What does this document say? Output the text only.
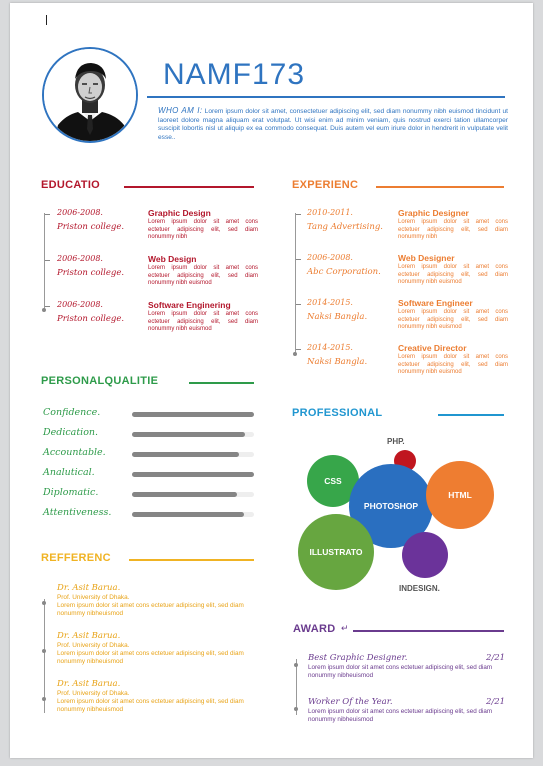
NAMF173
WHO AM I: Lorem ipsum dolor sit amet, consectetuer adipiscing elit, sed diam nonummy nibh euismod tincidunt ut laoreet dolore magna aliquam erat volutpat. Ut wisi enim ad minim veniam, quis nostrud exerci tation ullamcorper suscipit lobortis nisl ut aliquip ex ea commodo consequat. Duis autem vel eum iriure dolor in hendrerit in vulputate velit esse..
EDUCATIO
2006-2008.
Priston college.
Graphic Design
Lorem ipsum dolor sit amet cons ectetuer adipiscing elit, sed diam nonummy nibh
2006-2008.
Priston college.
Web Design
Lorem ipsum dolor sit amet cons ectetuer adipiscing elit, sed diam nonummy nibh euismod
2006-2008.
Priston college.
Software Enginering
Lorem ipsum dolor sit amet cons ectetuer adipiscing elit, sed diam nonummy nibh euismod
EXPERIENC
2010-2011.
Tang Advertising.
Graphic Designer
Lorem ipsum dolor sit amet cons ectetuer adipiscing elit, sed diam nonummy nibh
2006-2008.
Abc Corporation.
Web Designer
Lorem ipsum dolor sit amet cons ectetuer adipiscing elit, sed diam nonummy nibh euismod
2014-2015.
Naksi Bangla.
Software Engineer
Lorem ipsum dolor sit amet cons ectetuer adipiscing elit, sed diam nonummy nibh euismod
2014-2015.
Naksi Bangla.
Creative Director
Lorem ipsum dolor sit amet cons ectetuer adipiscing elit, sed diam nonummy nibh euismod
PERSONALQUALITIE
Confidence.
Dedication.
Accountable.
Analutical.
Diplomatic.
Attentiveness.
PROFESSIONAL
PHP.
CSS
PHOTOSHOP
HTML
ILLUSTRATO
INDESIGN.
REFFERENC
Dr. Asit Barua.
Prof. University of Dhaka.
Lorem ipsum dolor sit amet cons ectetuer adipiscing elit, sed diam nonummy nibheuismod
Dr. Asit Barua.
Prof. University of Dhaka.
Lorem ipsum dolor sit amet cons ectetuer adipiscing elit, sed diam nonummy nibheuismod
Dr. Asit Barua.
Prof. University of Dhaka.
Lorem ipsum dolor sit amet cons ectetuer adipiscing elit, sed diam nonummy nibheuismod
AWARD ↵
Best Graphic Designer.	2/21
Lorem ipsum dolor sit amet cons ectetuer adipiscing elit, sed diam nonummy nibheuismod
Worker Of the Year.	2/21
Lorem ipsum dolor sit amet cons ectetuer adipiscing elit, sed diam nonummy nibheuismod
